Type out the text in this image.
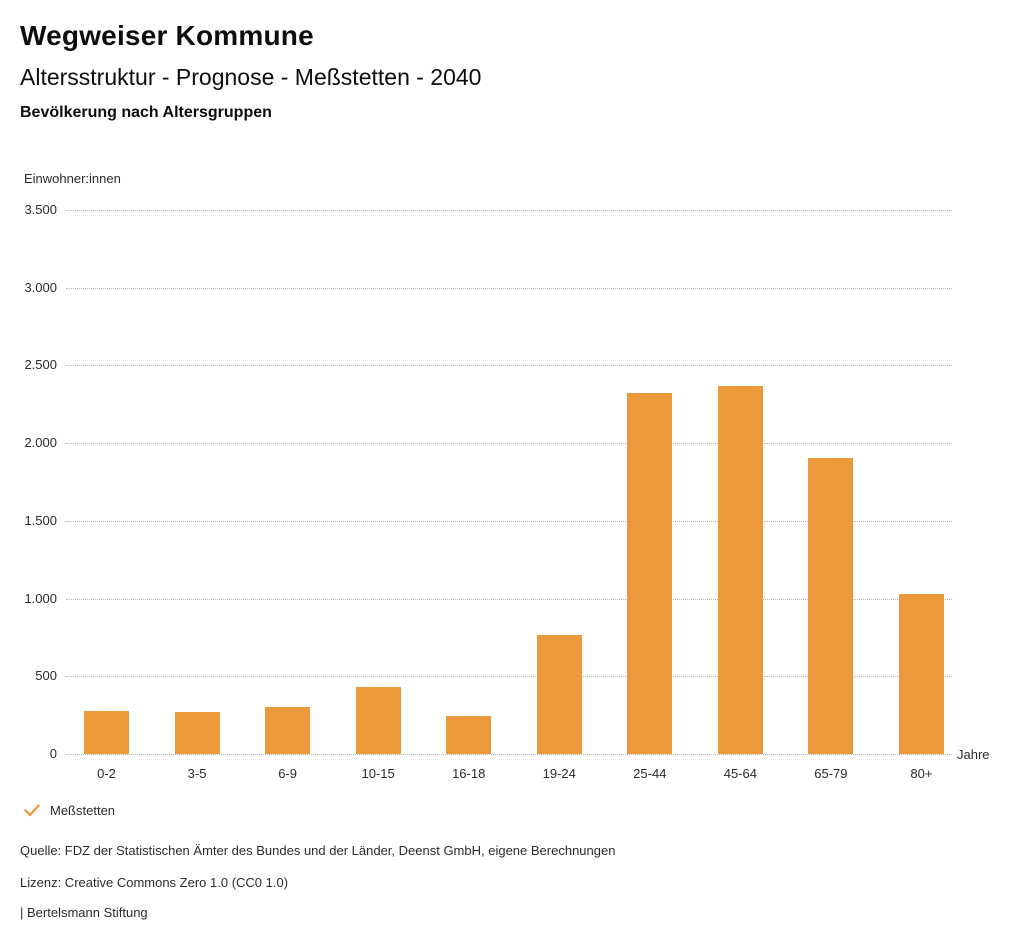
Wegweiser Kommune
Altersstruktur - Prognose - Meßstetten - 2040
Bevölkerung nach Altersgruppen
Einwohner:innen
0
500
1.000
1.500
2.000
2.500
3.000
3.500
0-2	3-5	6-9	10-15	16-18	19-24	25-44	45-64	65-79	80+
Jahre
Meßstetten
Quelle: FDZ der Statistischen Ämter des Bundes und der Länder, Deenst GmbH, eigene Berechnungen
Lizenz: Creative Commons Zero 1.0 (CC0 1.0)
| Bertelsmann Stiftung
